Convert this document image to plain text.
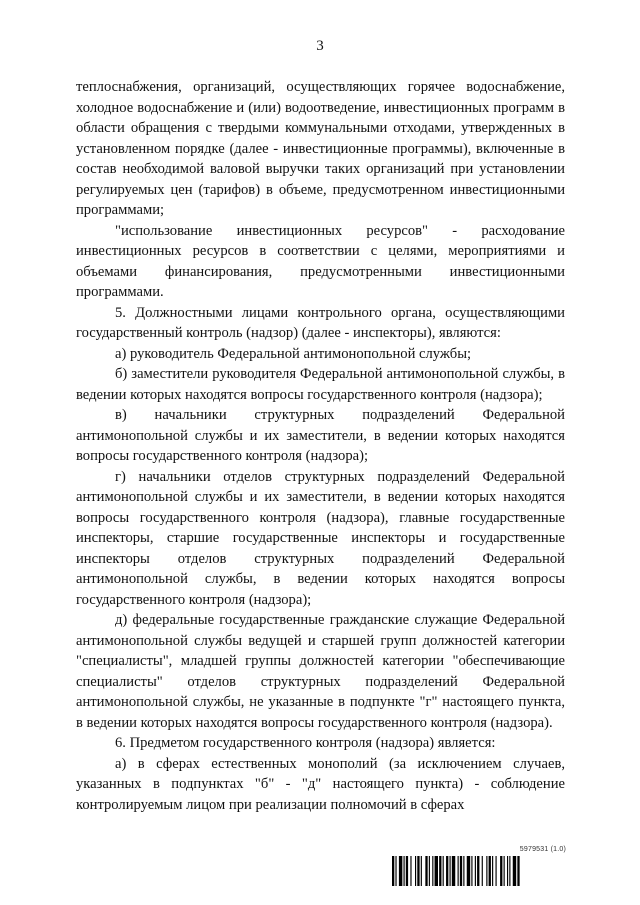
3

теплоснабжения, организаций, осуществляющих горячее водоснабжение, холодное водоснабжение и (или) водоотведение, инвестиционных программ в области обращения с твердыми коммунальными отходами, утвержденных в установленном порядке (далее - инвестиционные программы), включенные в состав необходимой валовой выручки таких организаций при установлении регулируемых цен (тарифов) в объеме, предусмотренном инвестиционными программами;

"использование инвестиционных ресурсов" - расходование инвестиционных ресурсов в соответствии с целями, мероприятиями и объемами финансирования, предусмотренными инвестиционными программами.

5. Должностными лицами контрольного органа, осуществляющими государственный контроль (надзор) (далее - инспекторы), являются:

а) руководитель Федеральной антимонопольной службы;

б) заместители руководителя Федеральной антимонопольной службы, в ведении которых находятся вопросы государственного контроля (надзора);

в) начальники структурных подразделений Федеральной антимонопольной службы и их заместители, в ведении которых находятся вопросы государственного контроля (надзора);

г) начальники отделов структурных подразделений Федеральной антимонопольной службы и их заместители, в ведении которых находятся вопросы государственного контроля (надзора), главные государственные инспекторы, старшие государственные инспекторы и государственные инспекторы отделов структурных подразделений Федеральной антимонопольной службы, в ведении которых находятся вопросы государственного контроля (надзора);

д) федеральные государственные гражданские служащие Федеральной антимонопольной службы ведущей и старшей групп должностей категории "специалисты", младшей группы должностей категории "обеспечивающие специалисты" отделов структурных подразделений Федеральной антимонопольной службы, не указанные в подпункте "г" настоящего пункта, в ведении которых находятся вопросы государственного контроля (надзора).

6. Предметом государственного контроля (надзора) является:

а) в сферах естественных монополий (за исключением случаев, указанных в подпунктах "б" - "д" настоящего пункта) - соблюдение контролируемым лицом при реализации полномочий в сферах

5979531 (1.0)
